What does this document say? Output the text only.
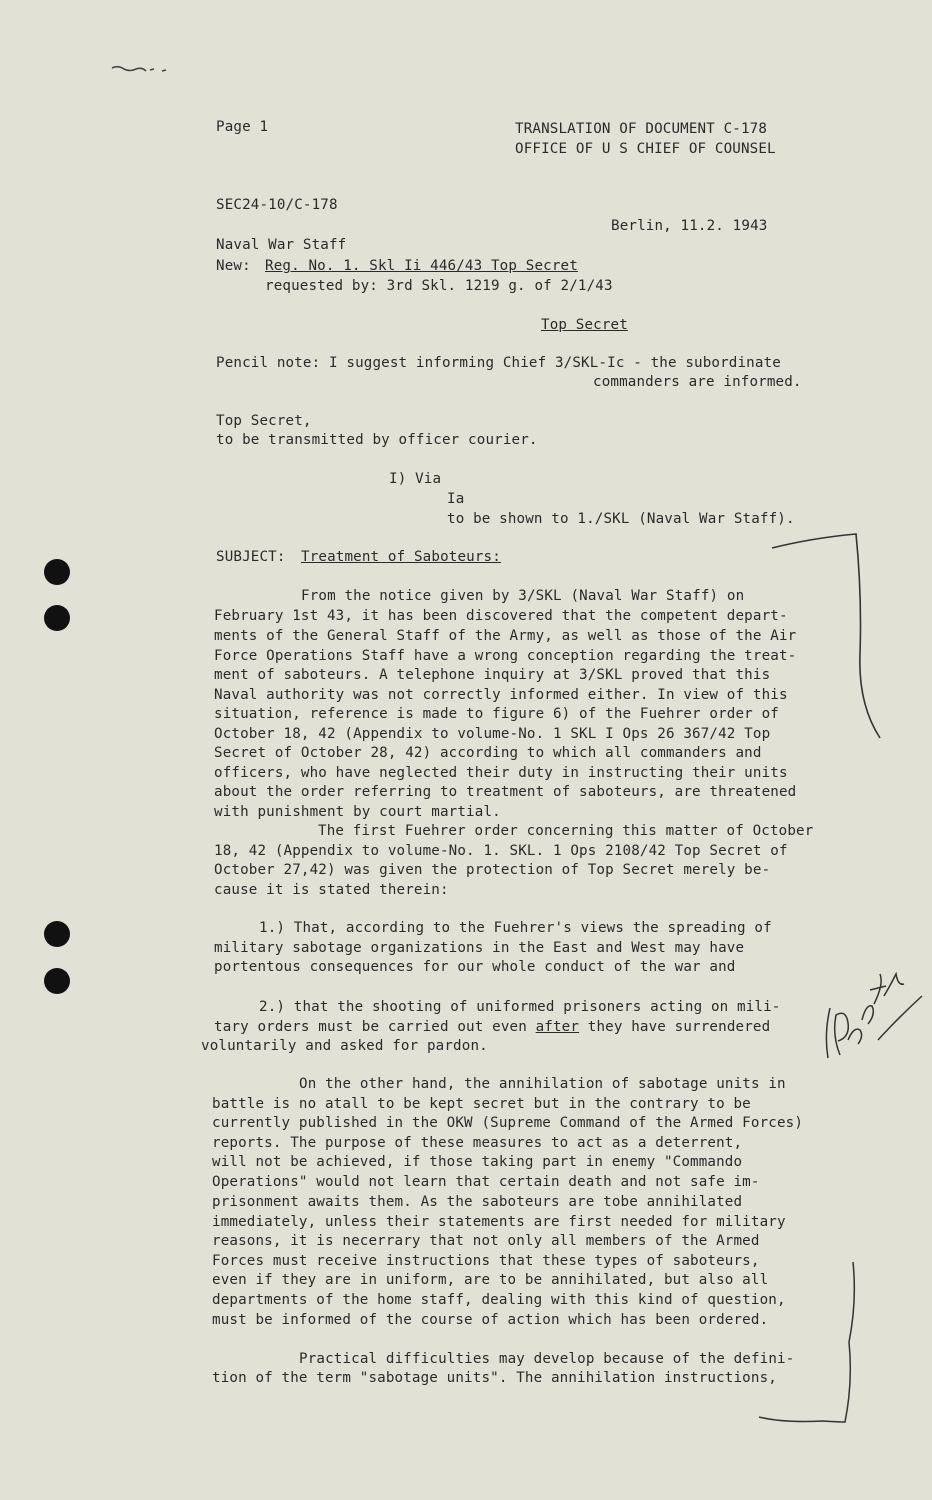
Page 1	TRANSLATION OF DOCUMENT C-178
OFFICE OF U S CHIEF OF COUNSEL
SEC24-10/C-178
Berlin, 11.2. 1943
Naval War Staff
New: Reg. No. 1. Skl Ii 446/43 Top Secret
requested by: 3rd Skl. 1219 g. of 2/1/43
Top Secret
Pencil note: I suggest informing Chief 3/SKL-Ic - the subordinate
commanders are informed.
Top Secret,
to be transmitted by officer courier.
I) Via
Ia
to be shown to 1./SKL (Naval War Staff).
SUBJECT: Treatment of Saboteurs:
From the notice given by 3/SKL (Naval War Staff) on
February 1st 43, it has been discovered that the competent depart-
ments of the General Staff of the Army, as well as those of the Air
Force Operations Staff have a wrong conception regarding the treat-
ment of saboteurs. A telephone inquiry at 3/SKL proved that this
Naval authority was not correctly informed either. In view of this
situation, reference is made to figure 6) of the Fuehrer order of
October 18, 42 (Appendix to volume-No. 1 SKL I Ops 26 367/42 Top
Secret of October 28, 42) according to which all commanders and
officers, who have neglected their duty in instructing their units
about the order referring to treatment of saboteurs, are threatened
with punishment by court martial.
The first Fuehrer order concerning this matter of October
18, 42 (Appendix to volume-No. 1. SKL. 1 Ops 2108/42 Top Secret of
October 27,42) was given the protection of Top Secret merely be-
cause it is stated therein:
1.) That, according to the Fuehrer's views the spreading of
military sabotage organizations in the East and West may have
portentous consequences for our whole conduct of the war and
2.) that the shooting of uniformed prisoners acting on mili-
tary orders must be carried out even after they have surrendered
voluntarily and asked for pardon.
On the other hand, the annihilation of sabotage units in
battle is no atall to be kept secret but in the contrary to be
currently published in the OKW (Supreme Command of the Armed Forces)
reports. The purpose of these measures to act as a deterrent,
will not be achieved, if those taking part in enemy "Commando
Operations" would not learn that certain death and not safe im-
prisonment awaits them. As the saboteurs are tobe annihilated
immediately, unless their statements are first needed for military
reasons, it is necerrary that not only all members of the Armed
Forces must receive instructions that these types of saboteurs,
even if they are in uniform, are to be annihilated, but also all
departments of the home staff, dealing with this kind of question,
must be informed of the course of action which has been ordered.
Practical difficulties may develop because of the defini-
tion of the term "sabotage units". The annihilation instructions,
